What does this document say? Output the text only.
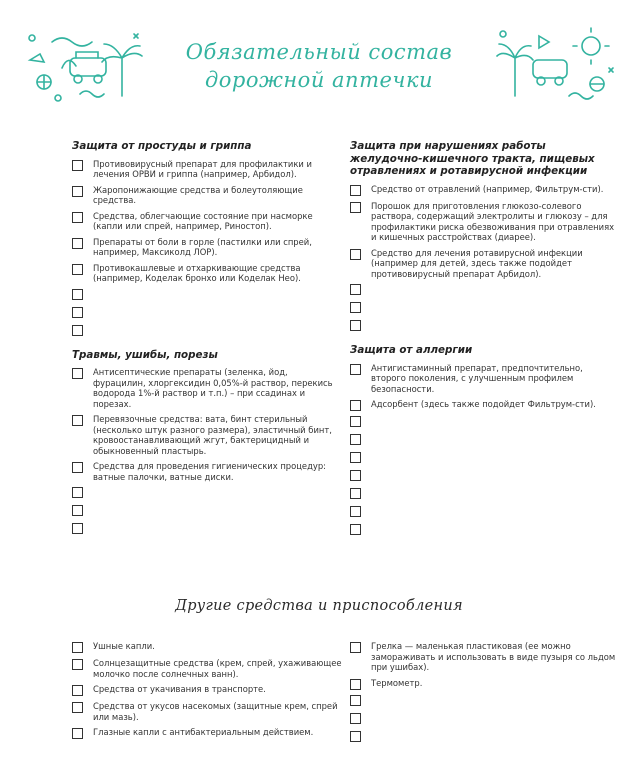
Обязательный состав
дорожной аптечки
Защита от простуды и гриппа
Противовирусный препарат для профилактики и лечения ОРВИ и гриппа (например, Арбидол).
Жаропонижающие средства и болеутоляющие средства.
Средства, облегчающие состояние при насморке (капли или спрей, например, Риностоп).
Препараты от боли в горле (пастилки или спрей, например, Максиколд ЛОР).
Противокашлевые и отхаркивающие средства (например, Коделак бронхо или Коделак Нео).
Травмы, ушибы, порезы
Антисептические препараты (зеленка, йод, фурацилин, хлоргексидин 0,05%-й раствор, перекись водорода 1%-й раствор и т.п.) – при ссадинах и порезах.
Перевязочные средства: вата, бинт стерильный (несколько штук разного размера), эластичный бинт, кровоостанавливающий жгут, бактерицидный и обыкновенный пластырь.
Средства для проведения гигиенических процедур: ватные палочки, ватные диски.
Защита при нарушениях работы желудочно-кишечного тракта, пищевых отравлениях и ротавирусной инфекции
Средство от отравлений (например, Фильтрум-сти).
Порошок для приготовления глюкозо-солевого раствора, содержащий электролиты и глюкозу – для профилактики риска обезвоживания при отравлениях и кишечных расстройствах (диарее).
Средство для лечения ротавирусной инфекции (например для детей, здесь также подойдет противовирусный препарат Арбидол).
Защита от аллергии
Антигистаминный препарат, предпочтительно, второго поколения, с улучшенным профилем безопасности.
Адсорбент (здесь также подойдет Фильтрум-сти).
Другие средства и приспособления
Ушные капли.
Солнцезащитные средства (крем, спрей, ухаживающее молочко после солнечных ванн).
Средства от укачивания в транспорте.
Средства от укусов насекомых (защитные крем, спрей или мазь).
Глазные капли с антибактериальным действием.
Грелка — маленькая пластиковая (ее можно заморaживать и использовать в виде пузыря со льдом при ушибах).
Термометр.
